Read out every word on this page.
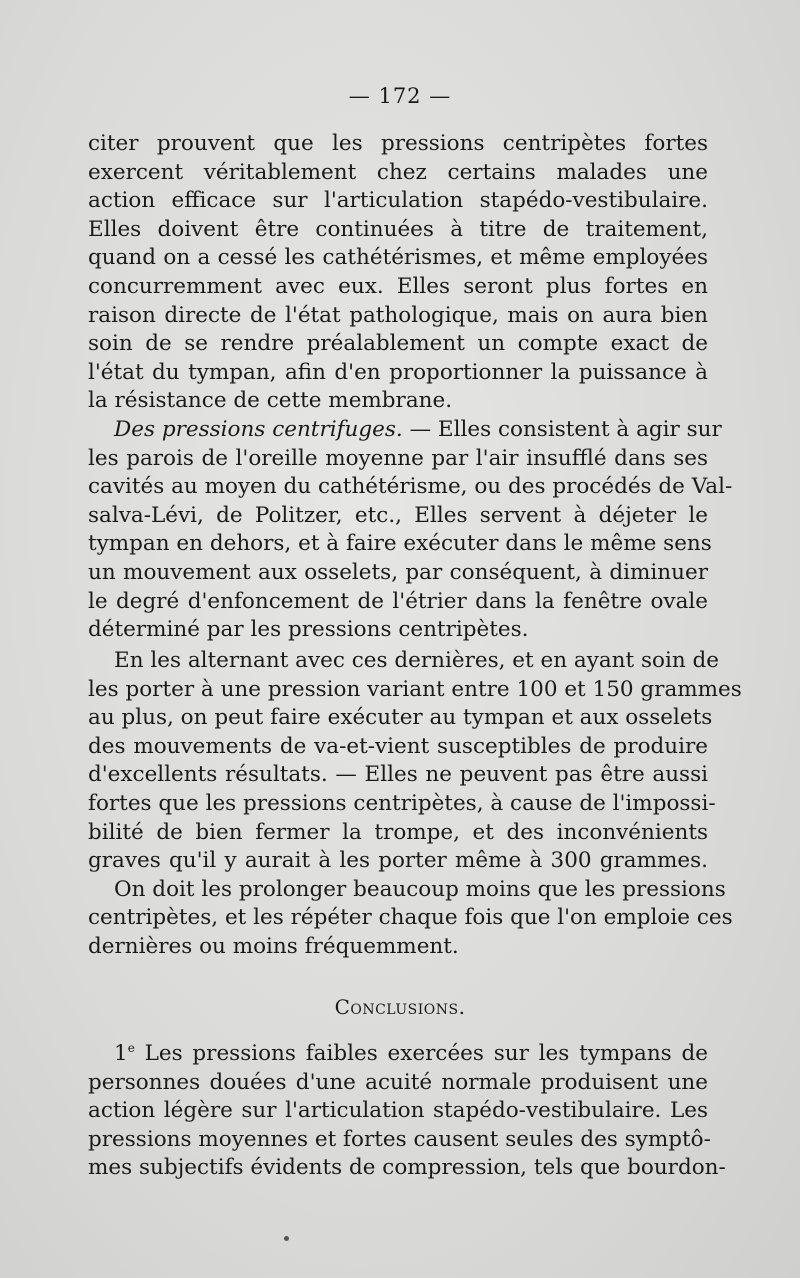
— 172 —
citer prouvent que les pressions centripètes fortes
exercent véritablement chez certains malades une
action efficace sur l'articulation stapédo-vestibulaire.
Elles doivent être continuées à titre de traitement,
quand on a cessé les cathétérismes, et même employées
concurremment avec eux. Elles seront plus fortes en
raison directe de l'état pathologique, mais on aura bien
soin de se rendre préalablement un compte exact de
l'état du tympan, afin d'en proportionner la puissance à
la résistance de cette membrane.
Des pressions centrifuges. — Elles consistent à agir sur
les parois de l'oreille moyenne par l'air insufflé dans ses
cavités au moyen du cathétérisme, ou des procédés de Val-
salva-Lévi, de Politzer, etc., Elles servent à déjeter le
tympan en dehors, et à faire exécuter dans le même sens
un mouvement aux osselets, par conséquent, à diminuer
le degré d'enfoncement de l'étrier dans la fenêtre ovale
déterminé par les pressions centripètes.
En les alternant avec ces dernières, et en ayant soin de
les porter à une pression variant entre 100 et 150 grammes
au plus, on peut faire exécuter au tympan et aux osselets
des mouvements de va-et-vient susceptibles de produire
d'excellents résultats. — Elles ne peuvent pas être aussi
fortes que les pressions centripètes, à cause de l'impossi-
bilité de bien fermer la trompe, et des inconvénients
graves qu'il y aurait à les porter même à 300 grammes.
On doit les prolonger beaucoup moins que les pressions
centripètes, et les répéter chaque fois que l'on emploie ces
dernières ou moins fréquemment.
Conclusions.
1e Les pressions faibles exercées sur les tympans de
personnes douées d'une acuité normale produisent une
action légère sur l'articulation stapédo-vestibulaire. Les
pressions moyennes et fortes causent seules des symptô-
mes subjectifs évidents de compression, tels que bourdon-
